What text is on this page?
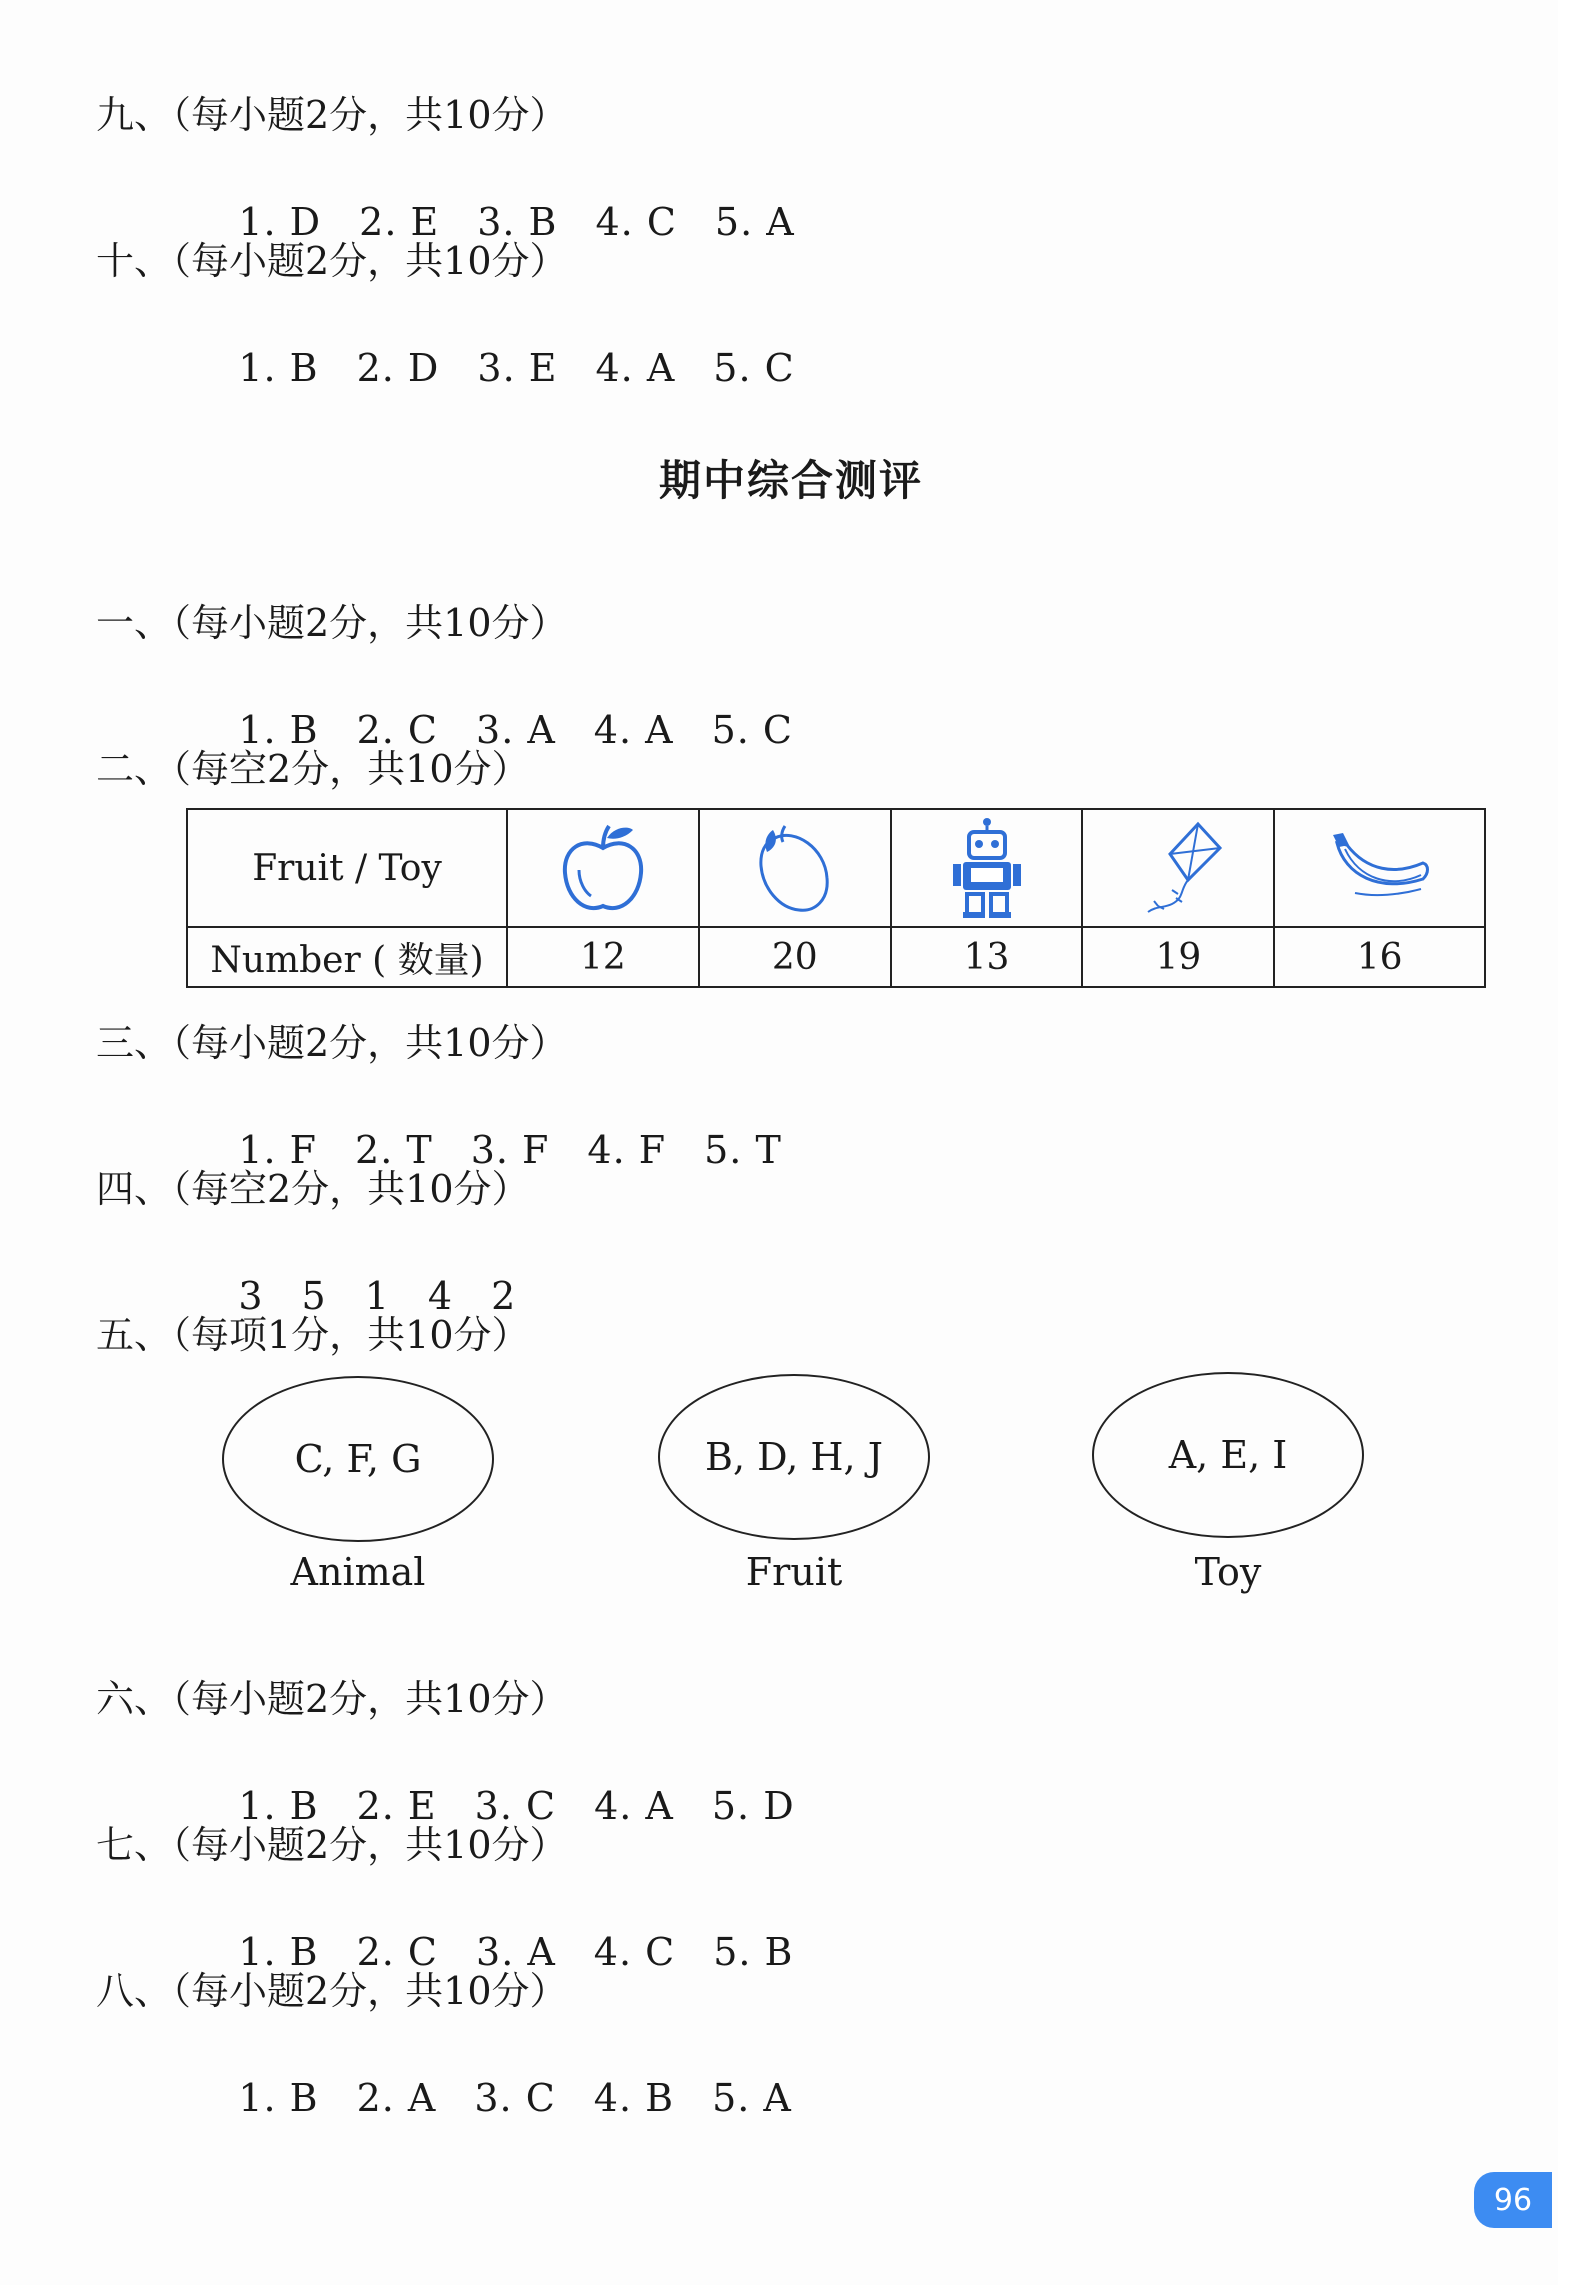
九、（每小题2分，共10分）

1. D 2. E 3. B 4. C 5. A

十、（每小题2分，共10分）

1. B 2. D 3. E 4. A 5. C

期中综合测评
一、（每小题2分，共10分）

1. B 2. C 3. A 4. A 5. C

二、（每空2分，共10分）
Fruit / Toy	

Number ( 数量)	12	20	13	19	16
三、（每小题2分，共10分）

1. F 2. T 3. F 4. F 5. T

四、（每空2分，共10分）

3 5 1 4 2

五、（每项1分，共10分）
C, F, G
Animal
B, D, H, J
Fruit
A, E, I
Toy
六、（每小题2分，共10分）

1. B 2. E 3. C 4. A 5. D

七、（每小题2分，共10分）

1. B 2. C 3. A 4. C 5. B

八、（每小题2分，共10分）

1. B 2. A 3. C 4. B 5. A

96
